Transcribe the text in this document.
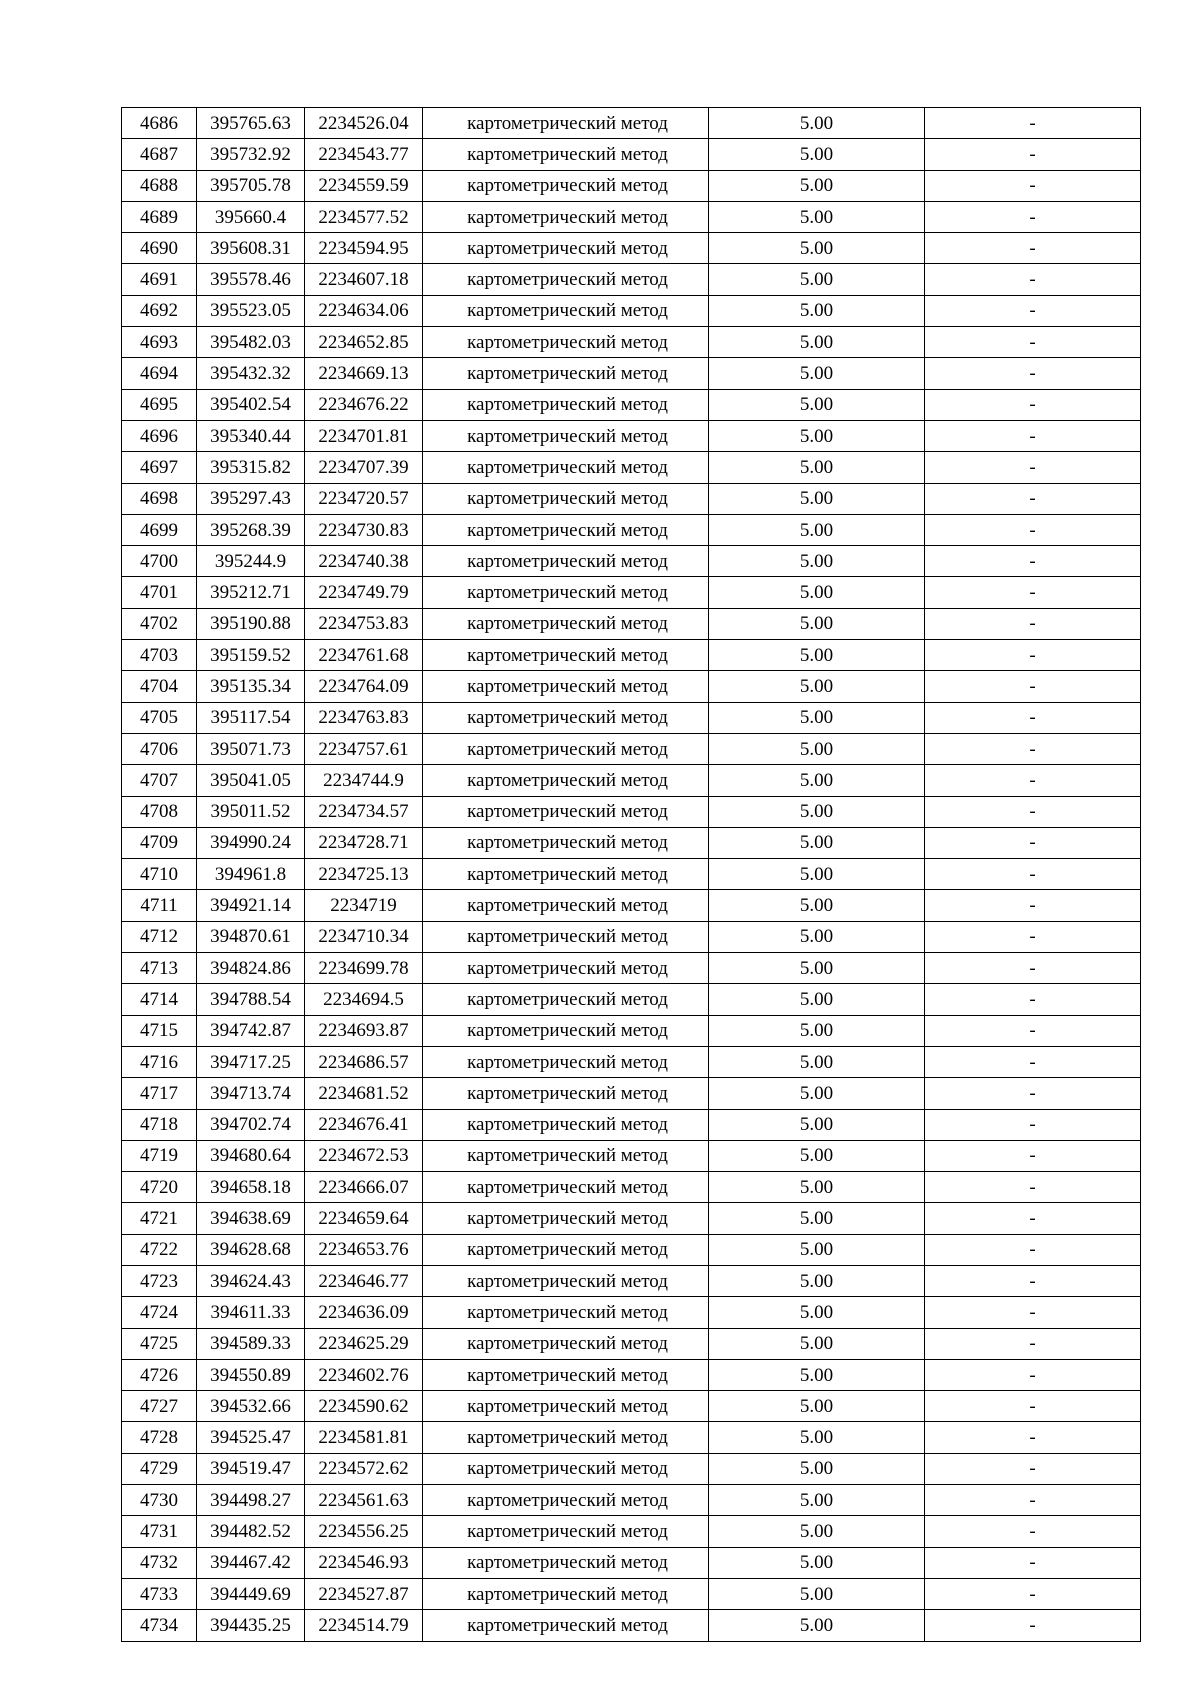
4686	395765.63	2234526.04	картометрический метод	5.00	-
4687	395732.92	2234543.77	картометрический метод	5.00	-
4688	395705.78	2234559.59	картометрический метод	5.00	-
4689	395660.4	2234577.52	картометрический метод	5.00	-
4690	395608.31	2234594.95	картометрический метод	5.00	-
4691	395578.46	2234607.18	картометрический метод	5.00	-
4692	395523.05	2234634.06	картометрический метод	5.00	-
4693	395482.03	2234652.85	картометрический метод	5.00	-
4694	395432.32	2234669.13	картометрический метод	5.00	-
4695	395402.54	2234676.22	картометрический метод	5.00	-
4696	395340.44	2234701.81	картометрический метод	5.00	-
4697	395315.82	2234707.39	картометрический метод	5.00	-
4698	395297.43	2234720.57	картометрический метод	5.00	-
4699	395268.39	2234730.83	картометрический метод	5.00	-
4700	395244.9	2234740.38	картометрический метод	5.00	-
4701	395212.71	2234749.79	картометрический метод	5.00	-
4702	395190.88	2234753.83	картометрический метод	5.00	-
4703	395159.52	2234761.68	картометрический метод	5.00	-
4704	395135.34	2234764.09	картометрический метод	5.00	-
4705	395117.54	2234763.83	картометрический метод	5.00	-
4706	395071.73	2234757.61	картометрический метод	5.00	-
4707	395041.05	2234744.9	картометрический метод	5.00	-
4708	395011.52	2234734.57	картометрический метод	5.00	-
4709	394990.24	2234728.71	картометрический метод	5.00	-
4710	394961.8	2234725.13	картометрический метод	5.00	-
4711	394921.14	2234719	картометрический метод	5.00	-
4712	394870.61	2234710.34	картометрический метод	5.00	-
4713	394824.86	2234699.78	картометрический метод	5.00	-
4714	394788.54	2234694.5	картометрический метод	5.00	-
4715	394742.87	2234693.87	картометрический метод	5.00	-
4716	394717.25	2234686.57	картометрический метод	5.00	-
4717	394713.74	2234681.52	картометрический метод	5.00	-
4718	394702.74	2234676.41	картометрический метод	5.00	-
4719	394680.64	2234672.53	картометрический метод	5.00	-
4720	394658.18	2234666.07	картометрический метод	5.00	-
4721	394638.69	2234659.64	картометрический метод	5.00	-
4722	394628.68	2234653.76	картометрический метод	5.00	-
4723	394624.43	2234646.77	картометрический метод	5.00	-
4724	394611.33	2234636.09	картометрический метод	5.00	-
4725	394589.33	2234625.29	картометрический метод	5.00	-
4726	394550.89	2234602.76	картометрический метод	5.00	-
4727	394532.66	2234590.62	картометрический метод	5.00	-
4728	394525.47	2234581.81	картометрический метод	5.00	-
4729	394519.47	2234572.62	картометрический метод	5.00	-
4730	394498.27	2234561.63	картометрический метод	5.00	-
4731	394482.52	2234556.25	картометрический метод	5.00	-
4732	394467.42	2234546.93	картометрический метод	5.00	-
4733	394449.69	2234527.87	картометрический метод	5.00	-
4734	394435.25	2234514.79	картометрический метод	5.00	-
